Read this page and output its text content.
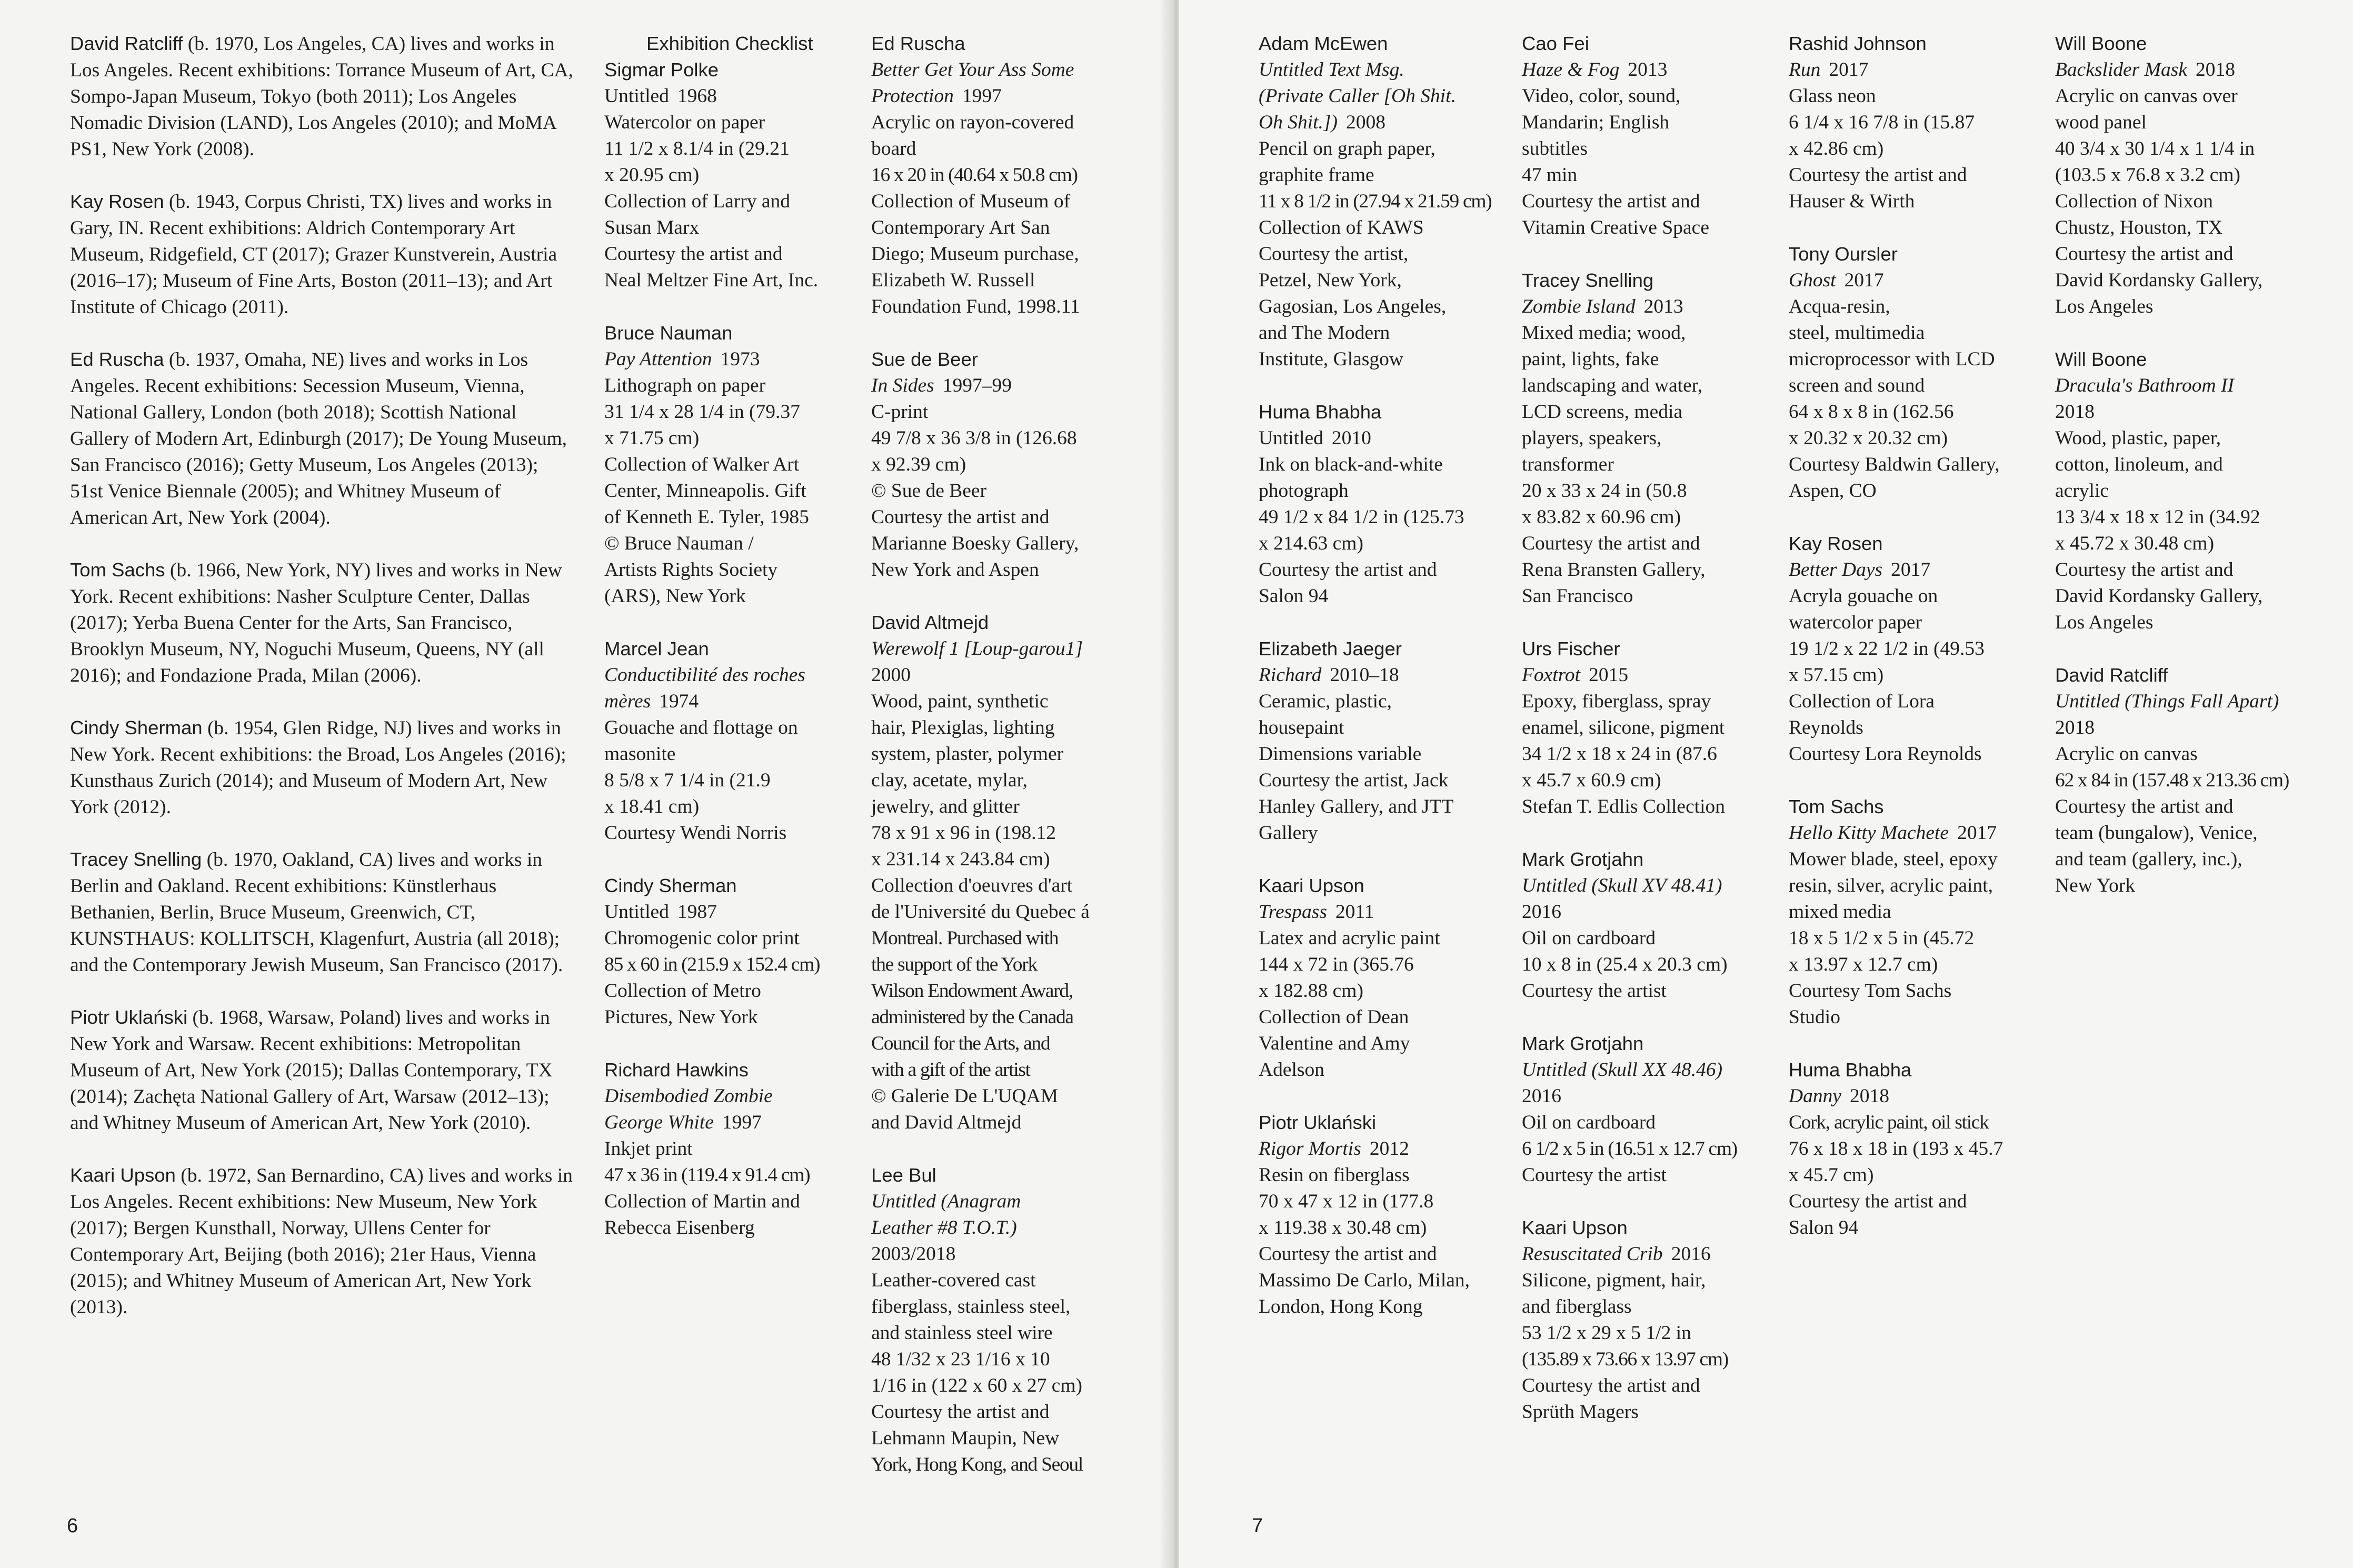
David Ratcliff (b. 1970, Los Angeles, CA) lives and works in Los Angeles. Recent exhibitions: Torrance Museum of Art, CA, Sompo-Japan Museum, Tokyo (both 2011); Los Angeles Nomadic Division (LAND), Los Angeles (2010); and MoMA PS1, New York (2008).

Kay Rosen (b. 1943, Corpus Christi, TX) lives and works in Gary, IN. Recent exhibitions: Aldrich Contemporary Art Museum, Ridgefield, CT (2017); Grazer Kunstverein, Austria (2016–17); Museum of Fine Arts, Boston (2011–13); and Art Institute of Chicago (2011).

Ed Ruscha (b. 1937, Omaha, NE) lives and works in Los Angeles. Recent exhibitions: Secession Museum, Vienna, National Gallery, London (both 2018); Scottish National Gallery of Modern Art, Edinburgh (2017); De Young Museum, San Francisco (2016); Getty Museum, Los Angeles (2013); 51st Venice Biennale (2005); and Whitney Museum of American Art, New York (2004).

Tom Sachs (b. 1966, New York, NY) lives and works in New York. Recent exhibitions: Nasher Sculpture Center, Dallas (2017); Yerba Buena Center for the Arts, San Francisco, Brooklyn Museum, NY, Noguchi Museum, Queens, NY (all 2016); and Fondazione Prada, Milan (2006).

Cindy Sherman (b. 1954, Glen Ridge, NJ) lives and works in New York. Recent exhibitions: the Broad, Los Angeles (2016); Kunsthaus Zurich (2014); and Museum of Modern Art, New York (2012).

Tracey Snelling (b. 1970, Oakland, CA) lives and works in Berlin and Oakland. Recent exhibitions: Künstlerhaus Bethanien, Berlin, Bruce Museum, Greenwich, CT, KUNSTHAUS: KOLLITSCH, Klagenfurt, Austria (all 2018); and the Contemporary Jewish Museum, San Francisco (2017).

Piotr Uklański (b. 1968, Warsaw, Poland) lives and works in New York and Warsaw. Recent exhibitions: Metropolitan Museum of Art, New York (2015); Dallas Contemporary, TX (2014); Zachęta National Gallery of Art, Warsaw (2012–13); and Whitney Museum of American Art, New York (2010).

Kaari Upson (b. 1972, San Bernardino, CA) lives and works in Los Angeles. Recent exhibitions: New Museum, New York (2017); Bergen Kunsthall, Norway, Ullens Center for Contemporary Art, Beijing (both 2016); 21er Haus, Vienna (2015); and Whitney Museum of American Art, New York (2013).

Exhibition Checklist
Sigmar Polke
Untitled 1968
Watercolor on paper
11 1/2 x 8.1/4 in (29.21
x 20.95 cm)
Collection of Larry and
Susan Marx
Courtesy the artist and
Neal Meltzer Fine Art, Inc.
Bruce Nauman
Pay Attention 1973
Lithograph on paper
31 1/4 x 28 1/4 in (79.37
x 71.75 cm)
Collection of Walker Art
Center, Minneapolis. Gift
of Kenneth E. Tyler, 1985
© Bruce Nauman /
Artists Rights Society
(ARS), New York
Marcel Jean
Conductibilité des roches
mères 1974
Gouache and flottage on
masonite
8 5/8 x 7 1/4 in (21.9
x 18.41 cm)
Courtesy Wendi Norris
Cindy Sherman
Untitled 1987
Chromogenic color print
85 x 60 in (215.9 x 152.4 cm)
Collection of Metro
Pictures, New York
Richard Hawkins
Disembodied Zombie
George White 1997
Inkjet print
47 x 36 in (119.4 x 91.4 cm)
Collection of Martin and
Rebecca Eisenberg
Ed Ruscha
Better Get Your Ass Some
Protection 1997
Acrylic on rayon-covered
board
16 x 20 in (40.64 x 50.8 cm)
Collection of Museum of
Contemporary Art San
Diego; Museum purchase,
Elizabeth W. Russell
Foundation Fund, 1998.11
Sue de Beer
In Sides 1997–99
C-print
49 7/8 x 36 3/8 in (126.68
x 92.39 cm)
© Sue de Beer
Courtesy the artist and
Marianne Boesky Gallery,
New York and Aspen
David Altmejd
Werewolf 1 [Loup-garou1]
2000
Wood, paint, synthetic
hair, Plexiglas, lighting
system, plaster, polymer
clay, acetate, mylar,
jewelry, and glitter
78 x 91 x 96 in (198.12
x 231.14 x 243.84 cm)
Collection d'oeuvres d'art
de l'Université du Quebec á
Montreal. Purchased with
the support of the York
Wilson Endowment Award,
administered by the Canada
Council for the Arts, and
with a gift of the artist
© Galerie De L'UQAM
and David Altmejd
Lee Bul
Untitled (Anagram
Leather #8 T.O.T.)
2003/2018
Leather-covered cast
fiberglass, stainless steel,
and stainless steel wire
48 1/32 x 23 1/16 x 10
1/16 in (122 x 60 x 27 cm)
Courtesy the artist and
Lehmann Maupin, New
York, Hong Kong, and Seoul
6
Adam McEwen
Untitled Text Msg.
(Private Caller [Oh Shit.
Oh Shit.]) 2008
Pencil on graph paper,
graphite frame
11 x 8 1/2 in (27.94 x 21.59 cm)
Collection of KAWS
Courtesy the artist,
Petzel, New York,
Gagosian, Los Angeles,
and The Modern
Institute, Glasgow
Huma Bhabha
Untitled 2010
Ink on black-and-white
photograph
49 1/2 x 84 1/2 in (125.73
x 214.63 cm)
Courtesy the artist and
Salon 94
Elizabeth Jaeger
Richard 2010–18
Ceramic, plastic,
housepaint
Dimensions variable
Courtesy the artist, Jack
Hanley Gallery, and JTT
Gallery
Kaari Upson
Trespass 2011
Latex and acrylic paint
144 x 72 in (365.76
x 182.88 cm)
Collection of Dean
Valentine and Amy
Adelson
Piotr Uklański
Rigor Mortis 2012
Resin on fiberglass
70 x 47 x 12 in (177.8
x 119.38 x 30.48 cm)
Courtesy the artist and
Massimo De Carlo, Milan,
London, Hong Kong
Cao Fei
Haze & Fog 2013
Video, color, sound,
Mandarin; English
subtitles
47 min
Courtesy the artist and
Vitamin Creative Space
Tracey Snelling
Zombie Island 2013
Mixed media; wood,
paint, lights, fake
landscaping and water,
LCD screens, media
players, speakers,
transformer
20 x 33 x 24 in (50.8
x 83.82 x 60.96 cm)
Courtesy the artist and
Rena Bransten Gallery,
San Francisco
Urs Fischer
Foxtrot 2015
Epoxy, fiberglass, spray
enamel, silicone, pigment
34 1/2 x 18 x 24 in (87.6
x 45.7 x 60.9 cm)
Stefan T. Edlis Collection
Mark Grotjahn
Untitled (Skull XV 48.41)
2016
Oil on cardboard
10 x 8 in (25.4 x 20.3 cm)
Courtesy the artist
Mark Grotjahn
Untitled (Skull XX 48.46)
2016
Oil on cardboard
6 1/2 x 5 in (16.51 x 12.7 cm)
Courtesy the artist
Kaari Upson
Resuscitated Crib 2016
Silicone, pigment, hair,
and fiberglass
53 1/2 x 29 x 5 1/2 in
(135.89 x 73.66 x 13.97 cm)
Courtesy the artist and
Sprüth Magers
Rashid Johnson
Run 2017
Glass neon
6 1/4 x 16 7/8 in (15.87
x 42.86 cm)
Courtesy the artist and
Hauser & Wirth
Tony Oursler
Ghost 2017
Acqua-resin,
steel, multimedia
microprocessor with LCD
screen and sound
64 x 8 x 8 in (162.56
x 20.32 x 20.32 cm)
Courtesy Baldwin Gallery,
Aspen, CO
Kay Rosen
Better Days 2017
Acryla gouache on
watercolor paper
19 1/2 x 22 1/2 in (49.53
x 57.15 cm)
Collection of Lora
Reynolds
Courtesy Lora Reynolds
Tom Sachs
Hello Kitty Machete 2017
Mower blade, steel, epoxy
resin, silver, acrylic paint,
mixed media
18 x 5 1/2 x 5 in (45.72
x 13.97 x 12.7 cm)
Courtesy Tom Sachs
Studio
Huma Bhabha
Danny 2018
Cork, acrylic paint, oil stick
76 x 18 x 18 in (193 x 45.7
x 45.7 cm)
Courtesy the artist and
Salon 94
Will Boone
Backslider Mask 2018
Acrylic on canvas over
wood panel
40 3/4 x 30 1/4 x 1 1/4 in
(103.5 x 76.8 x 3.2 cm)
Collection of Nixon
Chustz, Houston, TX
Courtesy the artist and
David Kordansky Gallery,
Los Angeles
Will Boone
Dracula's Bathroom II
2018
Wood, plastic, paper,
cotton, linoleum, and
acrylic
13 3/4 x 18 x 12 in (34.92
x 45.72 x 30.48 cm)
Courtesy the artist and
David Kordansky Gallery,
Los Angeles
David Ratcliff
Untitled (Things Fall Apart)
2018
Acrylic on canvas
62 x 84 in (157.48 x 213.36 cm)
Courtesy the artist and
team (bungalow), Venice,
and team (gallery, inc.),
New York
7
